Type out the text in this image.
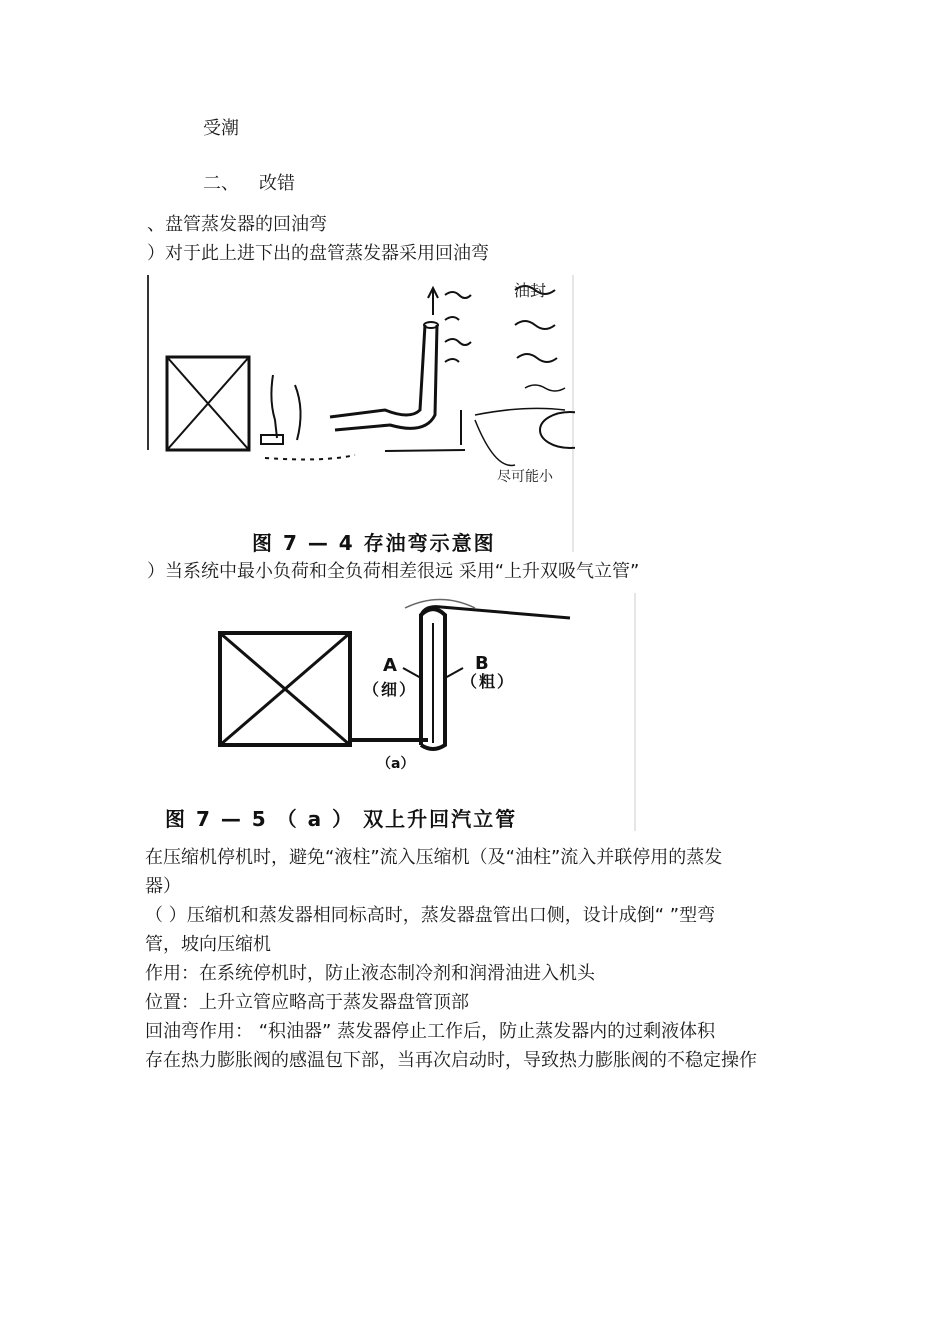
受潮
二、 改错
、盘管蒸发器的回油弯
）对于此上进下出的盘管蒸发器采用回油弯
油封
尽可能小
图 7 — 4 存油弯示意图
）当系统中最小负荷和全负荷相差很远 采用“上升双吸气立管”
A
（细）
B
（粗）
（a）
图 7 — 5 （ a ） 双上升回汽立管
在压缩机停机时，避免“液柱”流入压缩机（及“油柱”流入并联停用的蒸发
器）
（ ）压缩机和蒸发器相同标高时，蒸发器盘管出口侧，设计成倒“ ”型弯
管，坡向压缩机
作用：在系统停机时，防止液态制冷剂和润滑油进入机头
位置：上升立管应略高于蒸发器盘管顶部
回油弯作用： “积油器” 蒸发器停止工作后，防止蒸发器内的过剩液体积
存在热力膨胀阀的感温包下部，当再次启动时，导致热力膨胀阀的不稳定操作
